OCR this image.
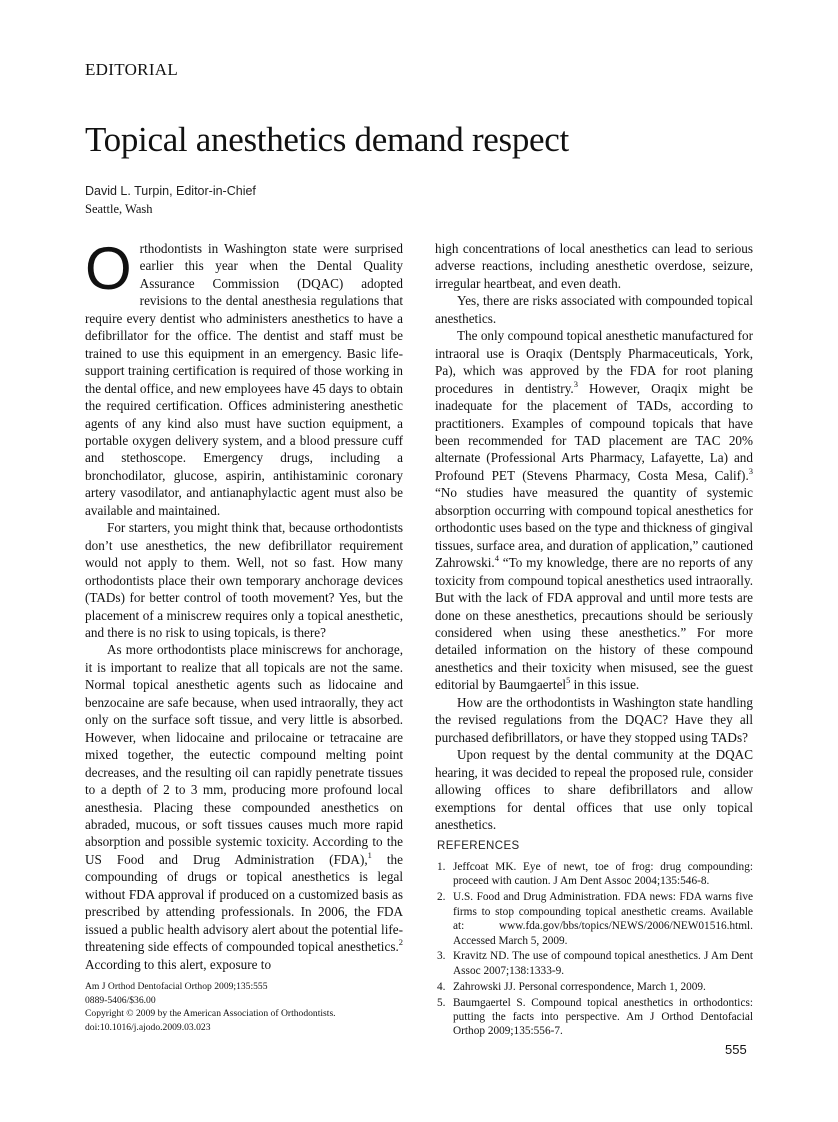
EDITORIAL
Topical anesthetics demand respect
David L. Turpin, Editor-in-Chief
Seattle, Wash

Orthodontists in Washington state were surprised earlier this year when the Dental Quality Assurance Commission (DQAC) adopted revisions to the dental anesthesia regulations that require every dentist who administers anesthetics to have a defibrillator for the office. The dentist and staff must be trained to use this equipment in an emergency. Basic life-support training certification is required of those working in the dental office, and new employees have 45 days to obtain the required certification. Offices administering anesthetic agents of any kind also must have suction equipment, a portable oxygen delivery system, and a blood pressure cuff and stethoscope. Emergency drugs, including a bronchodilator, glucose, aspirin, antihistaminic coronary artery vasodilator, and antianaphylactic agent must also be available and maintained.

For starters, you might think that, because orthodontists don’t use anesthetics, the new defibrillator requirement would not apply to them. Well, not so fast. How many orthodontists place their own temporary anchorage devices (TADs) for better control of tooth movement? Yes, but the placement of a miniscrew requires only a topical anesthetic, and there is no risk to using topicals, is there?

As more orthodontists place miniscrews for anchorage, it is important to realize that all topicals are not the same. Normal topical anesthetic agents such as lidocaine and benzocaine are safe because, when used intraorally, they act only on the surface soft tissue, and very little is absorbed. However, when lidocaine and prilocaine or tetracaine are mixed together, the eutectic compound melting point decreases, and the resulting oil can rapidly penetrate tissues to a depth of 2 to 3 mm, producing more profound local anesthesia. Placing these compounded anesthetics on abraded, mucous, or soft tissues causes much more rapid absorption and possible systemic toxicity. According to the US Food and Drug Administration (FDA),$^1$ the compounding of drugs or topical anesthetics is legal without FDA approval if produced on a customized basis as prescribed by attending professionals. In 2006, the FDA issued a public health advisory alert about the potential life-threatening side effects of compounded topical anesthetics.$^2$ According to this alert, exposure to

high concentrations of local anesthetics can lead to serious adverse reactions, including anesthetic overdose, seizure, irregular heartbeat, and even death.

Yes, there are risks associated with compounded topical anesthetics.

The only compound topical anesthetic manufactured for intraoral use is Oraqix (Dentsply Pharmaceuticals, York, Pa), which was approved by the FDA for root planing procedures in dentistry.$^3$ However, Oraqix might be inadequate for the placement of TADs, according to practitioners. Examples of compound topicals that have been recommended for TAD placement are TAC 20% alternate (Professional Arts Pharmacy, Lafayette, La) and Profound PET (Stevens Pharmacy, Costa Mesa, Calif).$^3$ “No studies have measured the quantity of systemic absorption occurring with compound topical anesthetics for orthodontic uses based on the type and thickness of gingival tissues, surface area, and duration of application,” cautioned Zahrowski.$^4$ “To my knowledge, there are no reports of any toxicity from compound topical anesthetics used intraorally. But with the lack of FDA approval and until more tests are done on these anesthetics, precautions should be seriously considered when using these anesthetics.” For more detailed information on the history of these compound anesthetics and their toxicity when misused, see the guest editorial by Baumgaertel$^5$ in this issue.

How are the orthodontists in Washington state handling the revised regulations from the DQAC? Have they all purchased defibrillators, or have they stopped using TADs?

Upon request by the dental community at the DQAC hearing, it was decided to repeal the proposed rule, consider allowing offices to share defibrillators and allow exemptions for dental offices that use only topical anesthetics.

REFERENCES
1. Jeffcoat MK. Eye of newt, toe of frog: drug compounding: proceed with caution. J Am Dent Assoc 2004;135:546-8.
2. U.S. Food and Drug Administration. FDA news: FDA warns five firms to stop compounding topical anesthetic creams. Available at: www.fda.gov/bbs/topics/NEWS/2006/NEW01516.html. Accessed March 5, 2009.
3. Kravitz ND. The use of compound topical anesthetics. J Am Dent Assoc 2007;138:1333-9.
4. Zahrowski JJ. Personal correspondence, March 1, 2009.
5. Baumgaertel S. Compound topical anesthetics in orthodontics: putting the facts into perspective. Am J Orthod Dentofacial Orthop 2009;135:556-7.
Am J Orthod Dentofacial Orthop 2009;135:555
0889-5406/$36.00
Copyright © 2009 by the American Association of Orthodontists.
doi:10.1016/j.ajodo.2009.03.023
555
